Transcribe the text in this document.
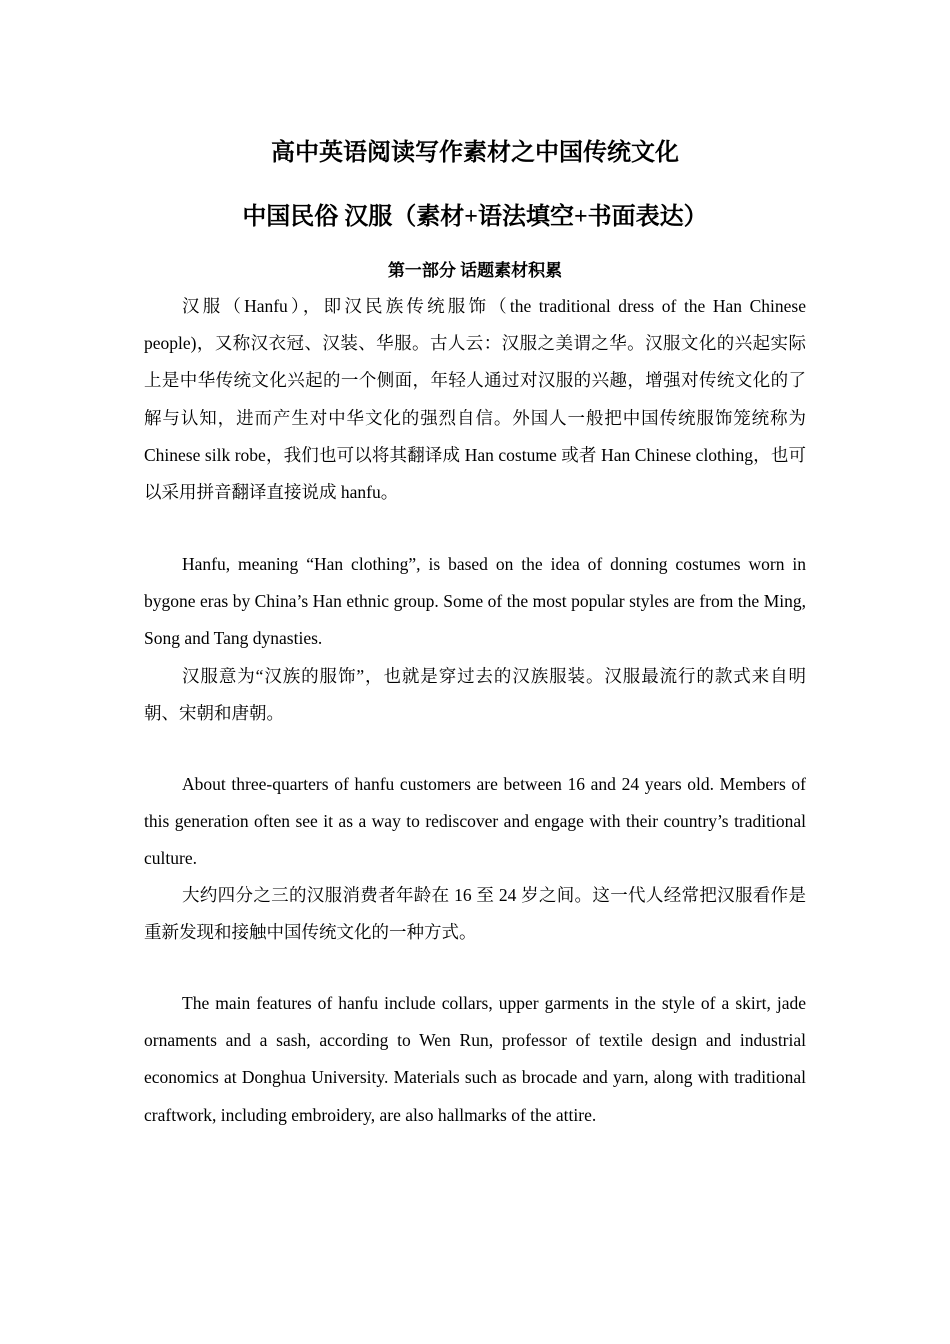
高中英语阅读写作素材之中国传统文化
中国民俗 汉服（素材+语法填空+书面表达）
第一部分 话题素材积累

汉服（Hanfu），即汉民族传统服饰（the traditional dress of the Han Chinese people)，又称汉衣冠、汉装、华服。古人云：汉服之美谓之华。汉服文化的兴起实际上是中华传统文化兴起的一个侧面，年轻人通过对汉服的兴趣，增强对传统文化的了解与认知，进而产生对中华文化的强烈自信。外国人一般把中国传统服饰笼统称为 Chinese silk robe，我们也可以将其翻译成 Han costume 或者 Han Chinese clothing，也可以采用拼音翻译直接说成 hanfu。

Hanfu, meaning “Han clothing”, is based on the idea of donning costumes worn in bygone eras by China’s Han ethnic group. Some of the most popular styles are from the Ming, Song and Tang dynasties.

汉服意为“汉族的服饰”，也就是穿过去的汉族服装。汉服最流行的款式来自明朝、宋朝和唐朝。

About three-quarters of hanfu customers are between 16 and 24 years old. Members of this generation often see it as a way to rediscover and engage with their country’s traditional culture.

大约四分之三的汉服消费者年龄在 16 至 24 岁之间。这一代人经常把汉服看作是重新发现和接触中国传统文化的一种方式。

The main features of hanfu include collars, upper garments in the style of a skirt, jade ornaments and a sash, according to Wen Run, professor of textile design and industrial economics at Donghua University. Materials such as brocade and yarn, along with traditional craftwork, including embroidery, are also hallmarks of the attire.
